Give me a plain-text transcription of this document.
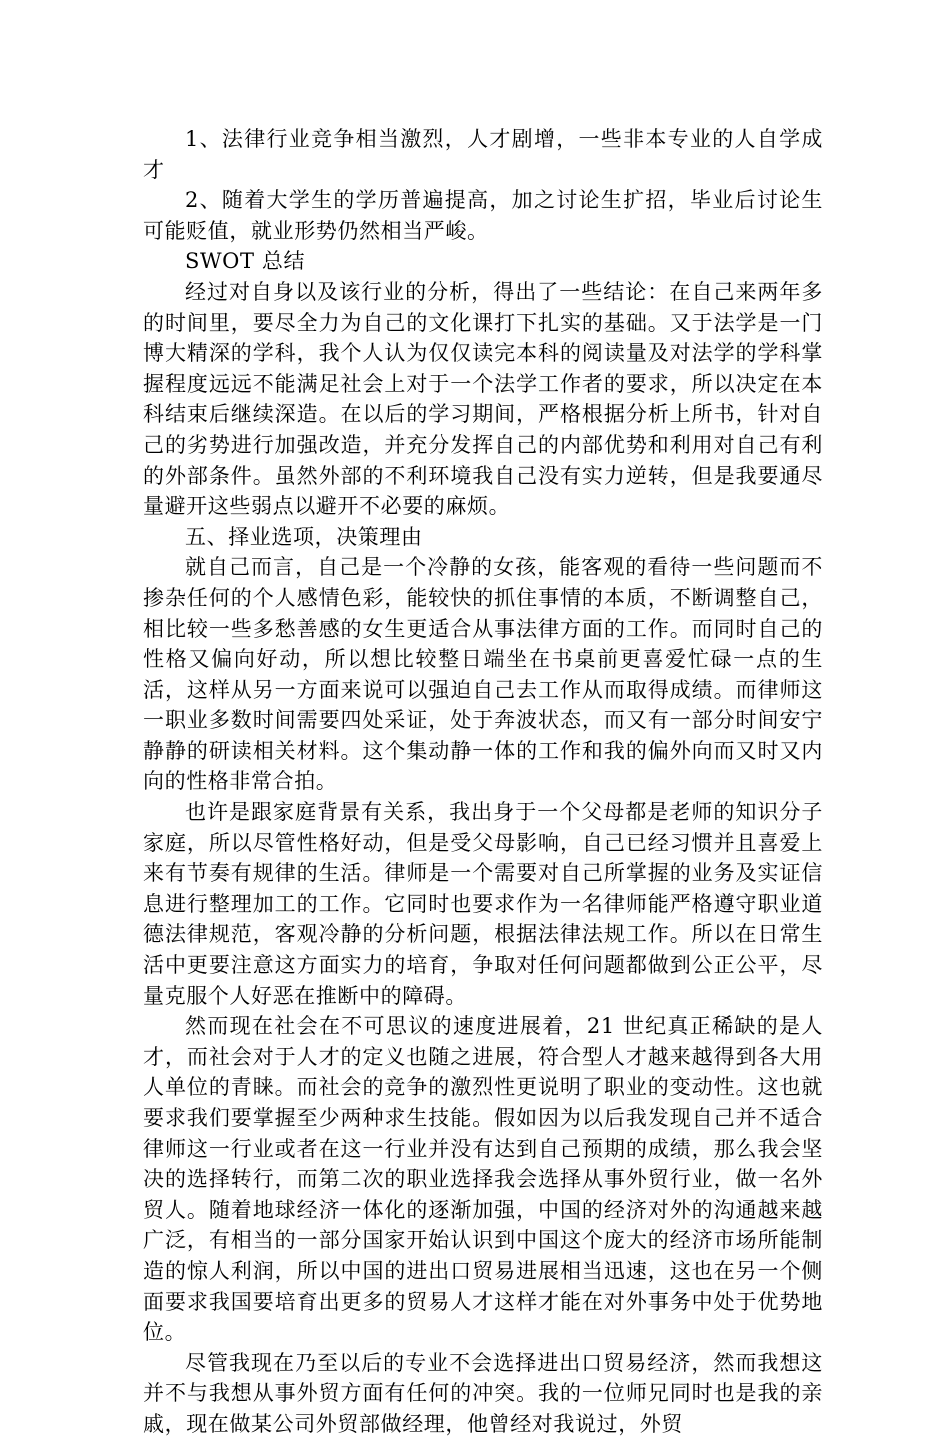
1、法律行业竞争相当激烈，人才剧增，一些非本专业的人自学成才

2、随着大学生的学历普遍提高，加之讨论生扩招，毕业后讨论生可能贬值，就业形势仍然相当严峻。

SWOT 总结

经过对自身以及该行业的分析，得出了一些结论：在自己来两年多的时间里，要尽全力为自己的文化课打下扎实的基础。又于法学是一门博大精深的学科，我个人认为仅仅读完本科的阅读量及对法学的学科掌握程度远远不能满足社会上对于一个法学工作者的要求，所以决定在本科结束后继续深造。在以后的学习期间，严格根据分析上所书，针对自己的劣势进行加强改造，并充分发挥自己的内部优势和利用对自己有利的外部条件。虽然外部的不利环境我自己没有实力逆转，但是我要通尽量避开这些弱点以避开不必要的麻烦。

五、择业选项，决策理由

就自己而言，自己是一个冷静的女孩，能客观的看待一些问题而不掺杂任何的个人感情色彩，能较快的抓住事情的本质，不断调整自己，相比较一些多愁善感的女生更适合从事法律方面的工作。而同时自己的性格又偏向好动，所以想比较整日端坐在书桌前更喜爱忙碌一点的生活，这样从另一方面来说可以强迫自己去工作从而取得成绩。而律师这一职业多数时间需要四处采证，处于奔波状态，而又有一部分时间安宁静静的研读相关材料。这个集动静一体的工作和我的偏外向而又时又内向的性格非常合拍。

也许是跟家庭背景有关系，我出身于一个父母都是老师的知识分子家庭，所以尽管性格好动，但是受父母影响，自己已经习惯并且喜爱上来有节奏有规律的生活。律师是一个需要对自己所掌握的业务及实证信息进行整理加工的工作。它同时也要求作为一名律师能严格遵守职业道德法律规范，客观冷静的分析问题，根据法律法规工作。所以在日常生活中更要注意这方面实力的培育，争取对任何问题都做到公正公平，尽量克服个人好恶在推断中的障碍。

然而现在社会在不可思议的速度进展着，21 世纪真正稀缺的是人才，而社会对于人才的定义也随之进展，符合型人才越来越得到各大用人单位的青睐。而社会的竞争的激烈性更说明了职业的变动性。这也就要求我们要掌握至少两种求生技能。假如因为以后我发现自己并不适合律师这一行业或者在这一行业并没有达到自己预期的成绩，那么我会坚决的选择转行，而第二次的职业选择我会选择从事外贸行业，做一名外贸人。随着地球经济一体化的逐渐加强，中国的经济对外的沟通越来越广泛，有相当的一部分国家开始认识到中国这个庞大的经济市场所能制造的惊人利润，所以中国的进出口贸易进展相当迅速，这也在另一个侧面要求我国要培育出更多的贸易人才这样才能在对外事务中处于优势地位。

尽管我现在乃至以后的专业不会选择进出口贸易经济，然而我想这并不与我想从事外贸方面有任何的冲突。我的一位师兄同时也是我的亲戚，现在做某公司外贸部做经理，他曾经对我说过，外贸
